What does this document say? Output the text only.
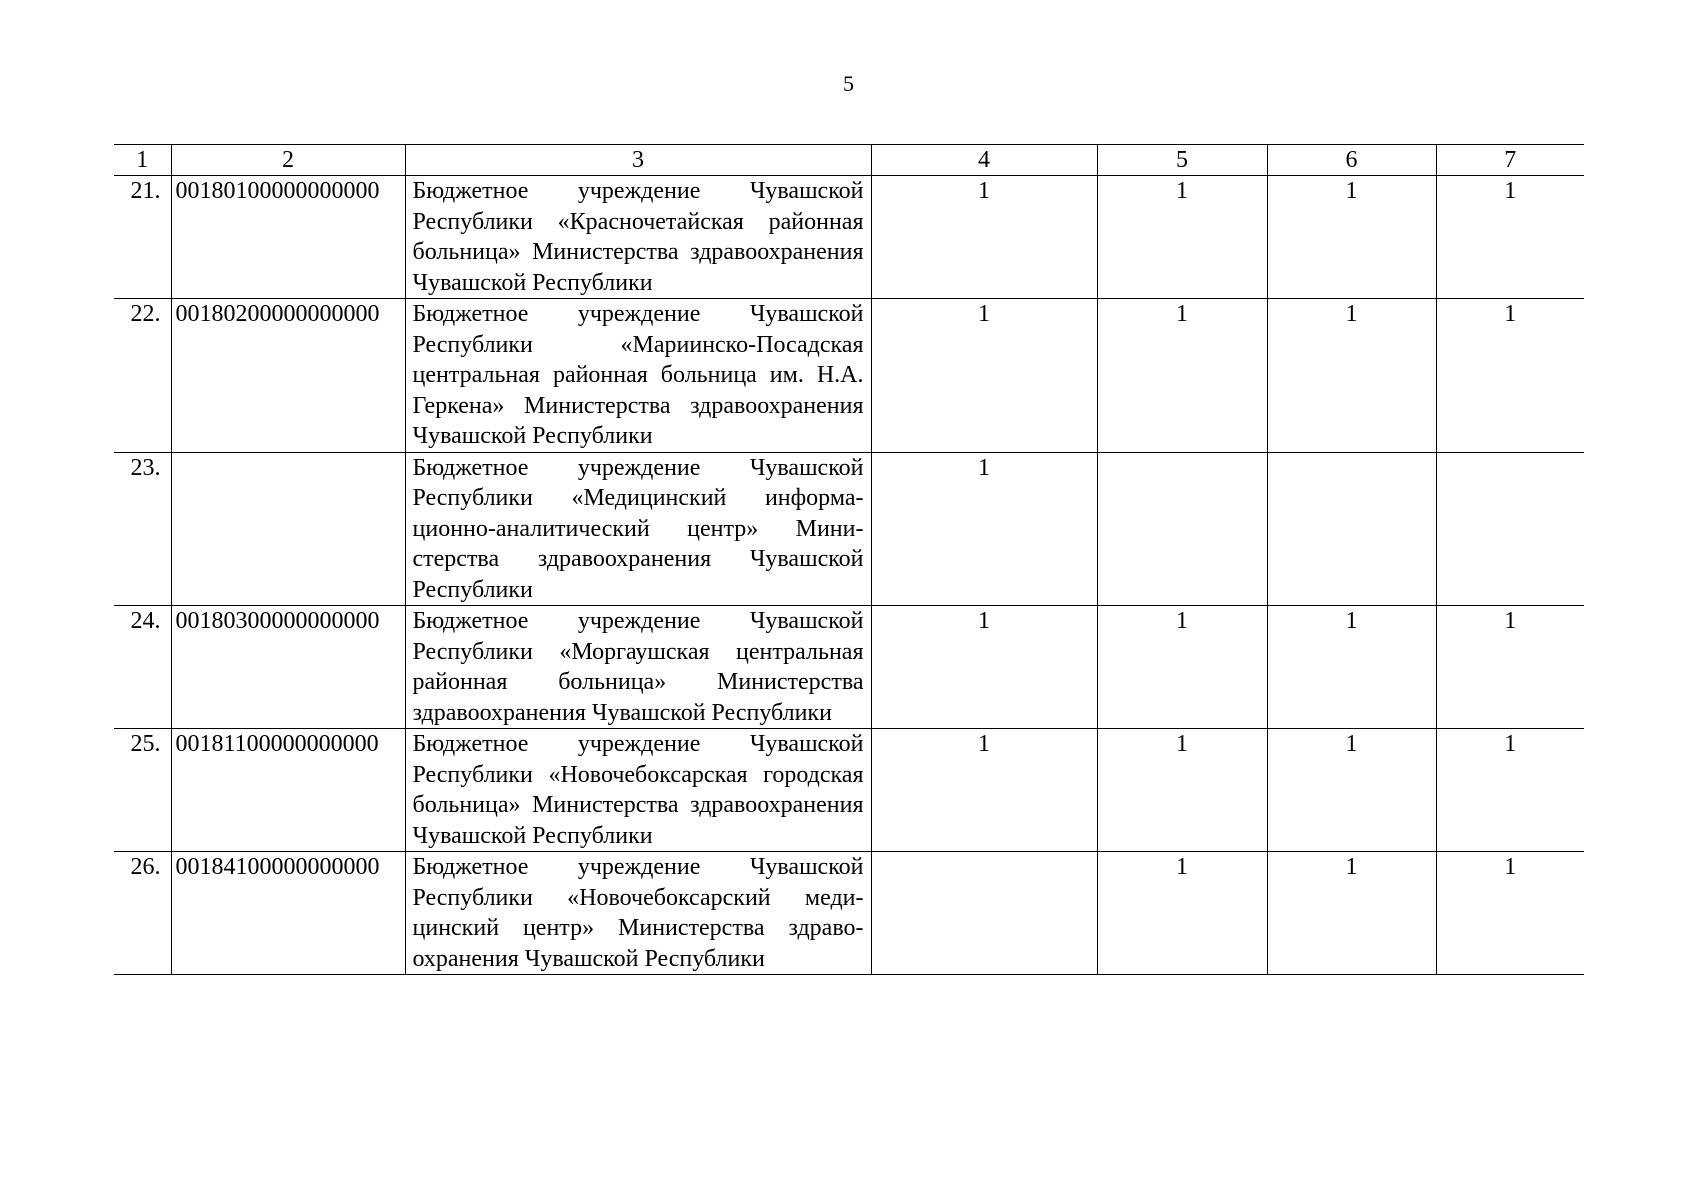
5
1	2	3	4	5	6	7
21.	00180100000000000	Бюджетное учреждение Чувашской Республики «Красночетайская районная больница» Министерства здравоохранения Чувашской Республики	1	1	1	1
22.	00180200000000000	Бюджетное учреждение Чувашской Республики «Мариинско-Посадская центральная районная больница им. Н.А. Геркена» Министерства здравоохранения Чувашской Республики	1	1	1	1
23.		Бюджетное учреждение Чувашской Республики «Медицинский информационно-аналитический центр» Министерства здравоохранения Чувашской Республики	1			
24.	00180300000000000	Бюджетное учреждение Чувашской Республики «Моргаушская центральная районная больница» Министерства здравоохранения Чувашской Республики	1	1	1	1
25.	00181100000000000	Бюджетное учреждение Чувашской Республики «Новочебоксарская городская больница» Министерства здравоохранения Чувашской Республики	1	1	1	1
26.	00184100000000000	Бюджетное учреждение Чувашской Республики «Новочебоксарский медицинский центр» Министерства здравоохранения Чувашской Республики		1	1	1
